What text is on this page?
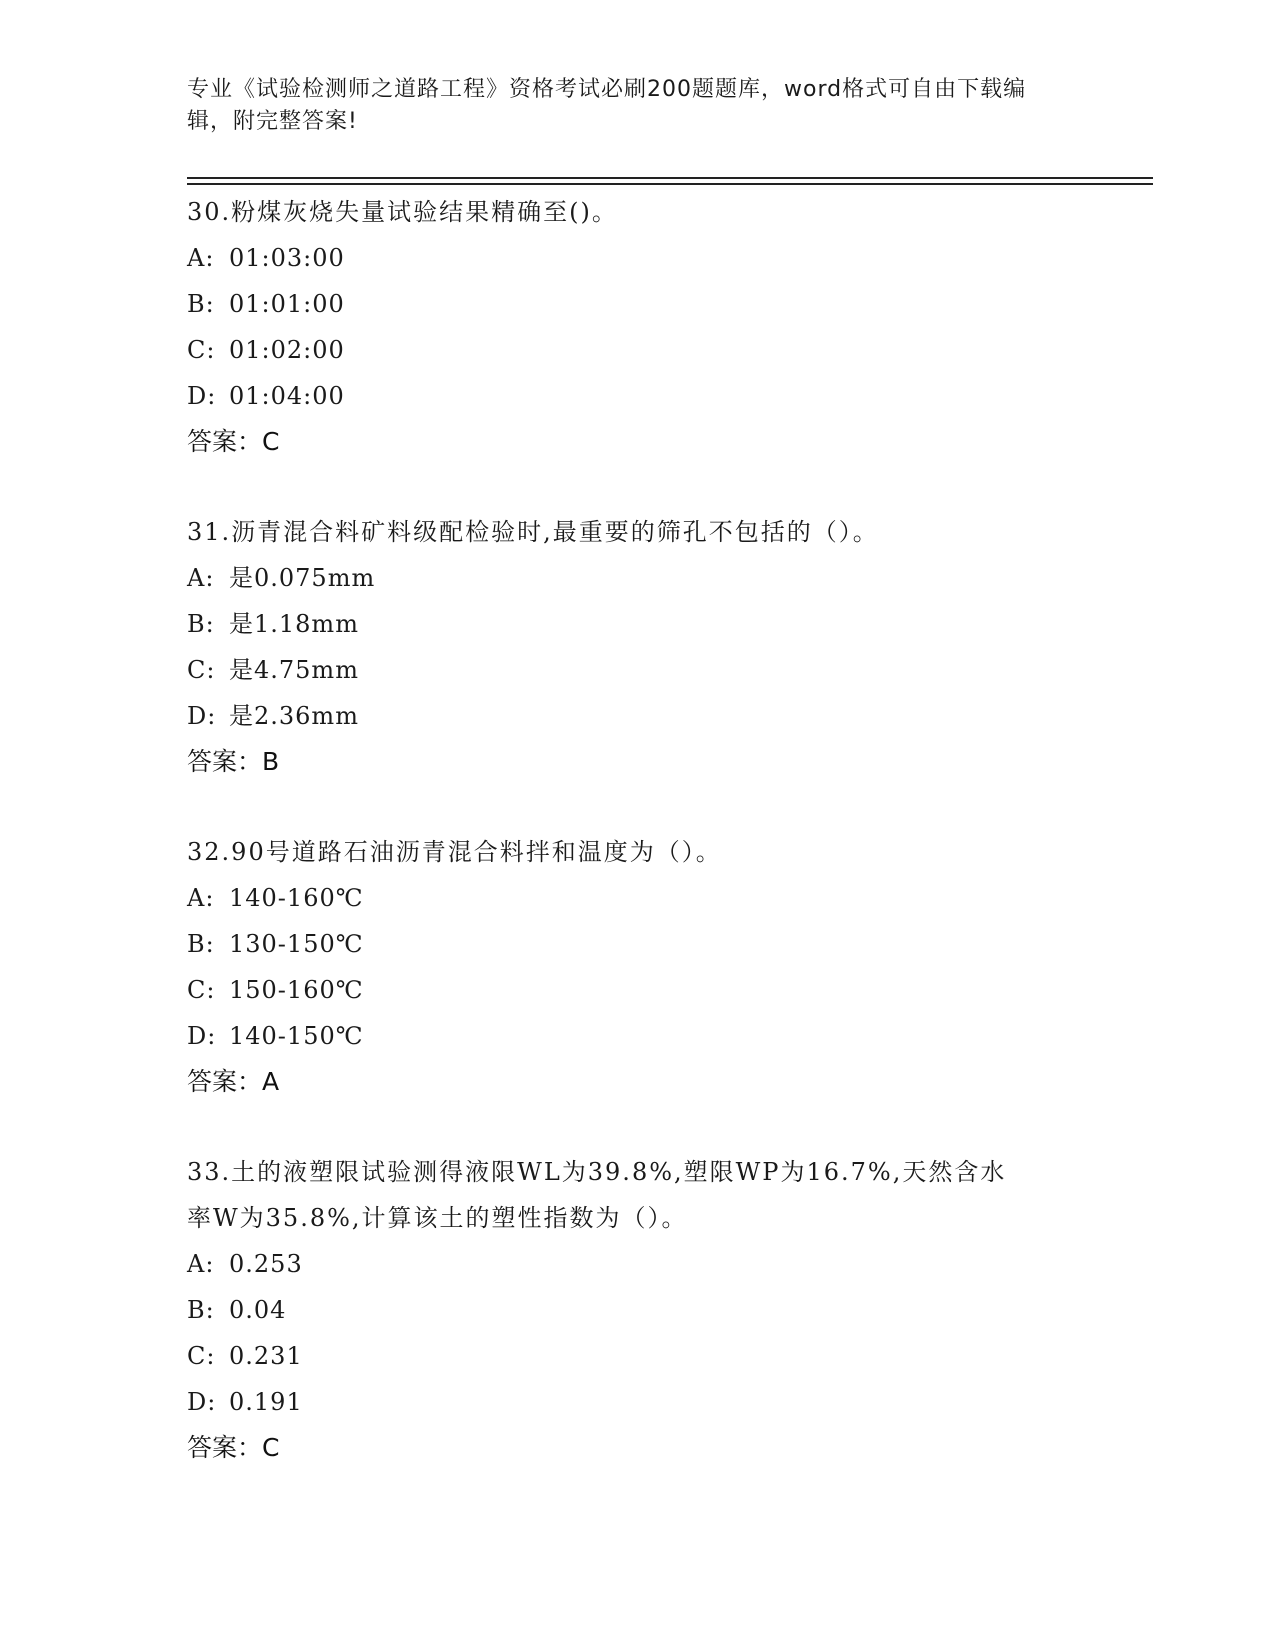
专业《试验检测师之道路工程》资格考试必刷200题题库，word格式可自由下载编辑，附完整答案!
30.粉煤灰烧失量试验结果精确至()。
A: 01:03:00
B: 01:01:00
C: 01:02:00
D: 01:04:00
答案：C
31.沥青混合料矿料级配检验时,最重要的筛孔不包括的（）。
A: 是0.075mm
B: 是1.18mm
C: 是4.75mm
D: 是2.36mm
答案：B
32.90号道路石油沥青混合料拌和温度为（）。
A: 140-160℃
B: 130-150℃
C: 150-160℃
D: 140-150℃
答案：A
33.土的液塑限试验测得液限WL为39.8%,塑限WP为16.7%,天然含水
率W为35.8%,计算该土的塑性指数为（）。
A: 0.253
B: 0.04
C: 0.231
D: 0.191
答案：C
